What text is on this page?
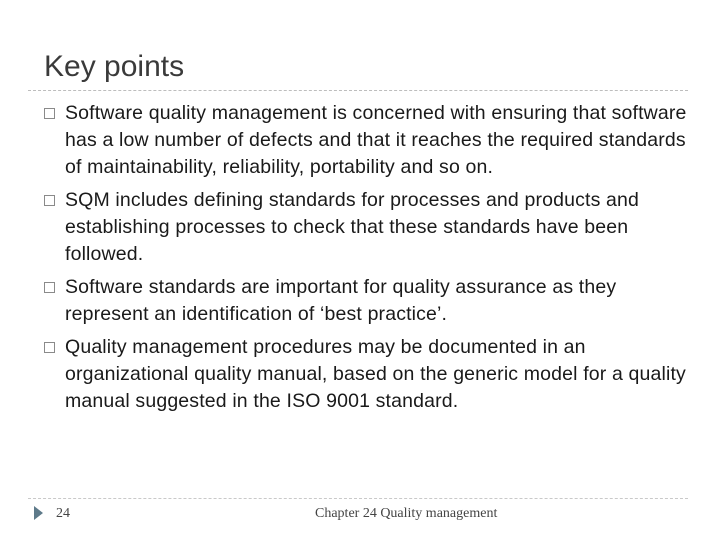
Key points
Software quality management is concerned with ensuring that software has a low number of defects and that it reaches the required standards of maintainability, reliability, portability and so on.
SQM includes defining standards for processes and products and establishing processes to check that these standards have been followed.
Software standards are important for quality assurance as they represent an identification of ‘best practice’.
Quality management procedures may be documented in an organizational quality manual, based on the generic model for a quality manual suggested in the ISO 9001 standard.
24	Chapter 24 Quality management
